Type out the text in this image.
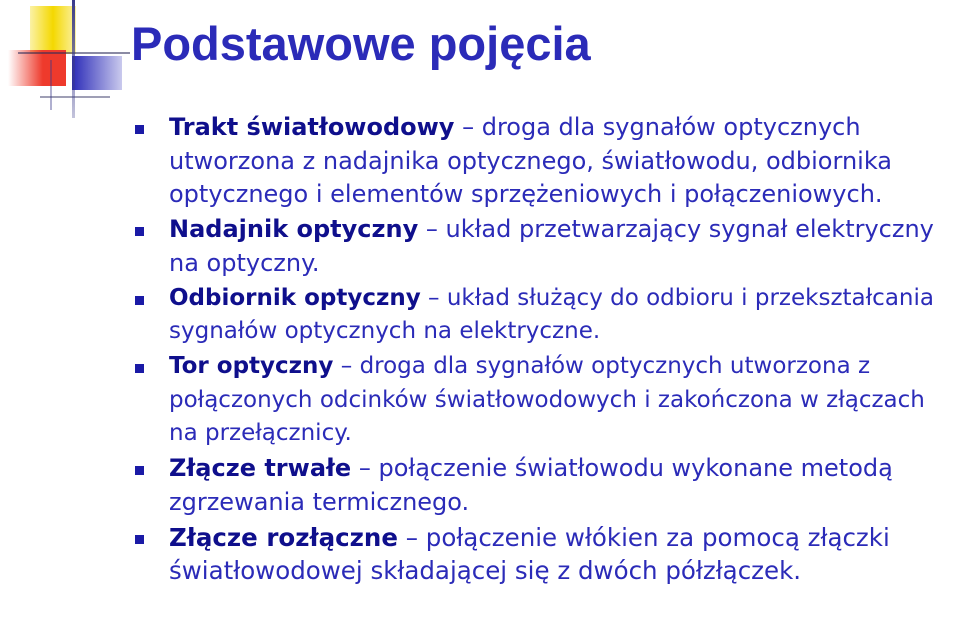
Podstawowe pojęcia
Trakt światłowodowy – droga dla sygnałów optycznych utworzona z nadajnika optycznego, światłowodu, odbiornika optycznego i elementów sprzężeniowych i połączeniowych.
Nadajnik optyczny – układ przetwarzający sygnał elektryczny na optyczny.
Odbiornik optyczny – układ służący do odbioru i przekształcania sygnałów optycznych na elektryczne.
Tor optyczny – droga dla sygnałów optycznych utworzona z połączonych odcinków światłowodowych i zakończona w złączach na przełącznicy.
Złącze trwałe – połączenie światłowodu wykonane metodą zgrzewania termicznego.
Złącze rozłączne – połączenie włókien za pomocą złączki światłowodowej składającej się z dwóch półzłączek.
